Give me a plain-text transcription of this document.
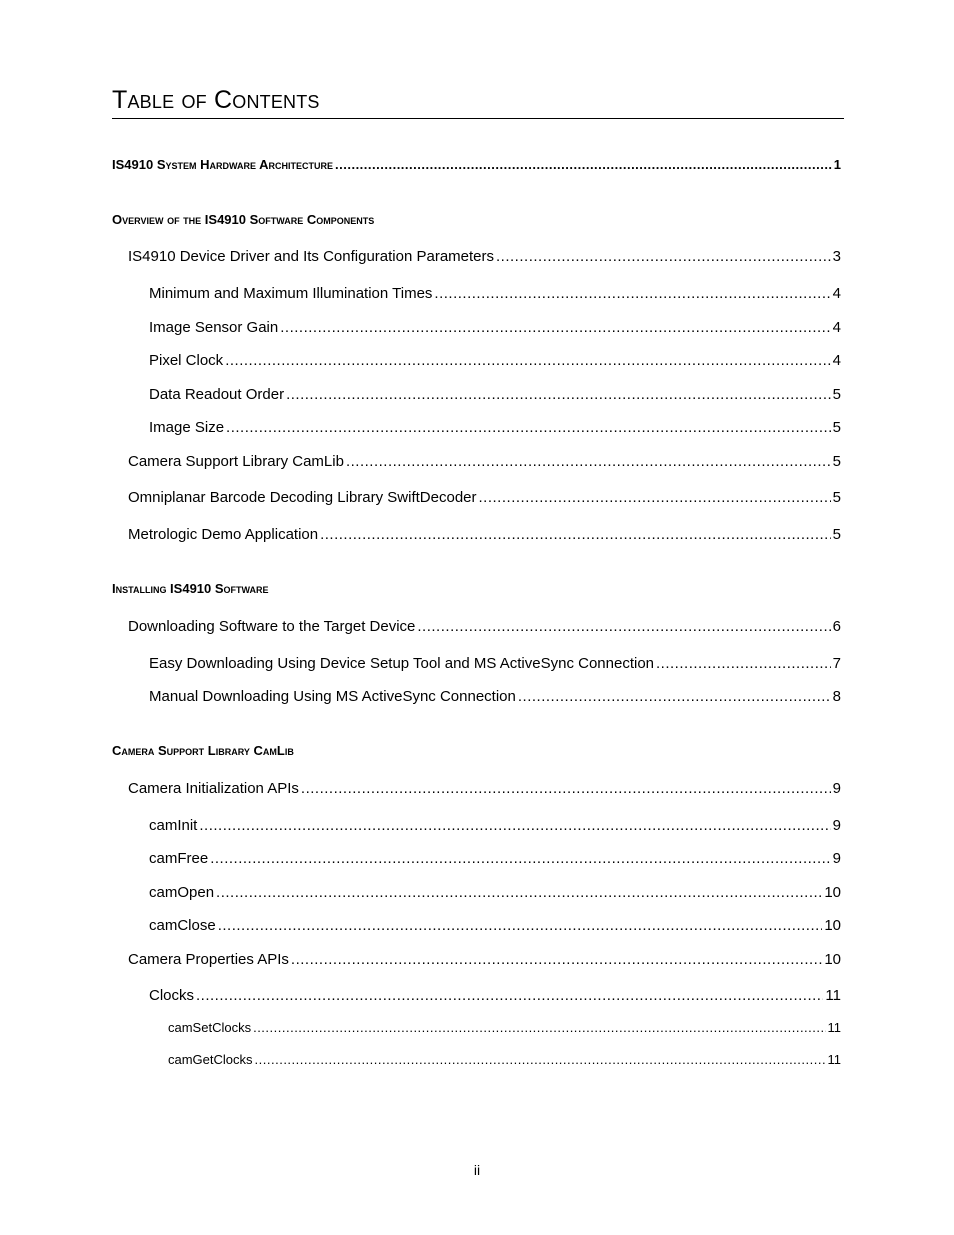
Table of Contents
IS4910 System Hardware Architecture .....	1
Overview of the IS4910 Software Components
IS4910 Device Driver and Its Configuration Parameters .....	3
Minimum and Maximum Illumination Times .....	4
Image Sensor Gain .....	4
Pixel Clock .....	4
Data Readout Order .....	5
Image Size .....	5
Camera Support Library CamLib .....	5
Omniplanar Barcode Decoding Library SwiftDecoder .....	5
Metrologic Demo Application .....	5
Installing IS4910 Software
Downloading Software to the Target Device .....	6
Easy Downloading Using Device Setup Tool and MS ActiveSync Connection .....	7
Manual Downloading Using MS ActiveSync Connection .....	8
Camera Support Library CamLib
Camera Initialization APIs .....	9
camInit .....	9
camFree .....	9
camOpen .....	10
camClose .....	10
Camera Properties APIs .....	10
Clocks .....	11
camSetClocks .....	11
camGetClocks .....	11
ii
